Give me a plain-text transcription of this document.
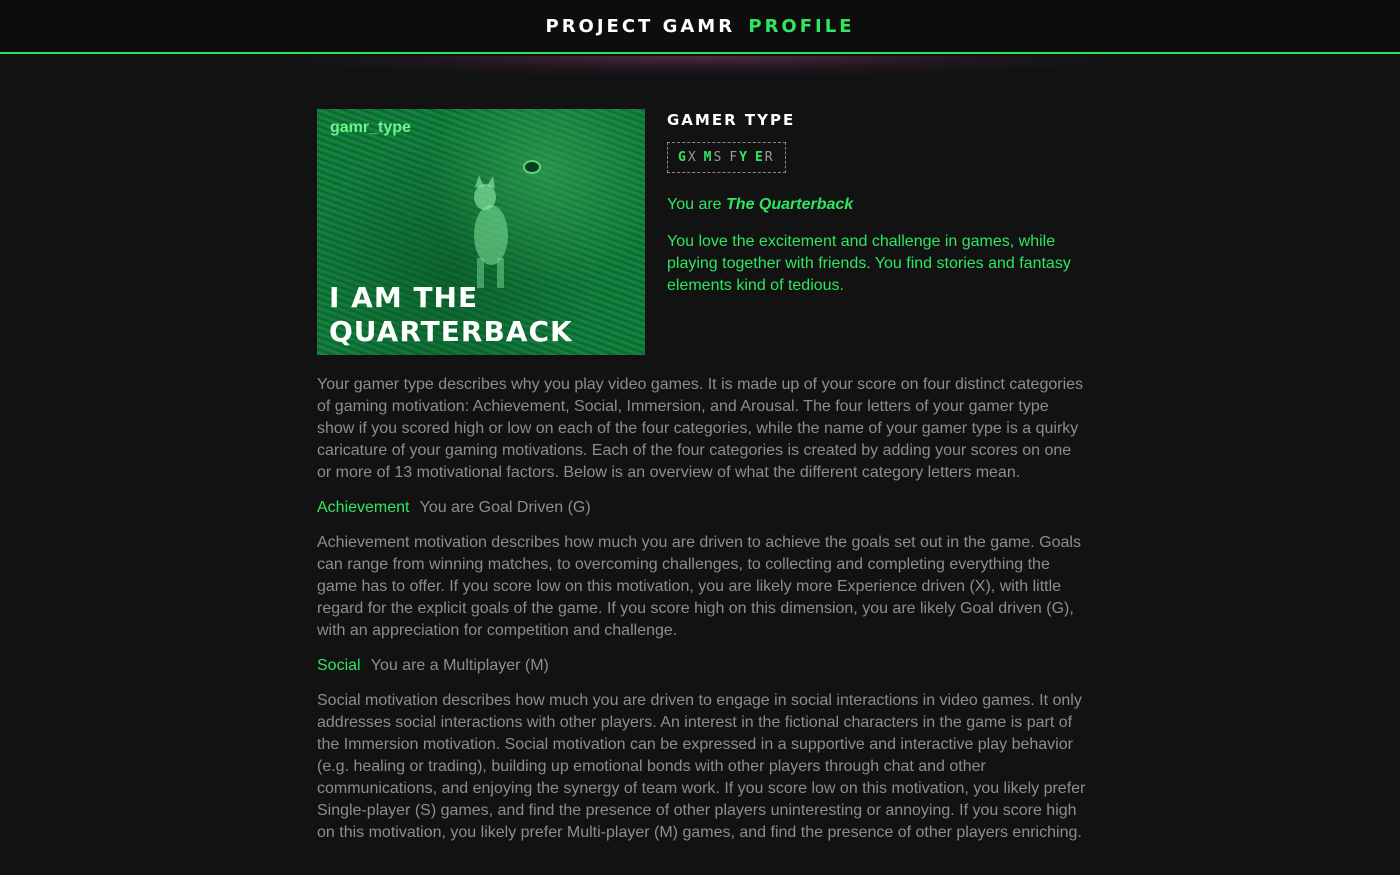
PROJECT GAMR PROFILE
gamr_type
I AM THE QUARTERBACK
GAMER TYPE
G X M S F Y E R
You are The Quarterback
You love the excitement and challenge in games, while playing together with friends. You find stories and fantasy elements kind of tedious.

Your gamer type describes why you play video games. It is made up of your score on four distinct categories of gaming motivation: Achievement, Social, Immersion, and Arousal. The four letters of your gamer type show if you scored high or low on each of the four categories, while the name of your gamer type is a quirky caricature of your gaming motivations. Each of the four categories is created by adding your scores on one or more of 13 motivational factors. Below is an overview of what the different category letters mean.

Achievement You are Goal Driven (G)

Achievement motivation describes how much you are driven to achieve the goals set out in the game. Goals can range from winning matches, to overcoming challenges, to collecting and completing everything the game has to offer. If you score low on this motivation, you are likely more Experience driven (X), with little regard for the explicit goals of the game. If you score high on this dimension, you are likely Goal driven (G), with an appreciation for competition and challenge.

Social You are a Multiplayer (M)

Social motivation describes how much you are driven to engage in social interactions in video games. It only addresses social interactions with other players. An interest in the fictional characters in the game is part of the Immersion motivation. Social motivation can be expressed in a supportive and interactive play behavior (e.g. healing or trading), building up emotional bonds with other players through chat and other communications, and enjoying the synergy of team work. If you score low on this motivation, you likely prefer Single-player (S) games, and find the presence of other players uninteresting or annoying. If you score high on this motivation, you likely prefer Multi-player (M) games, and find the presence of other players enriching.
